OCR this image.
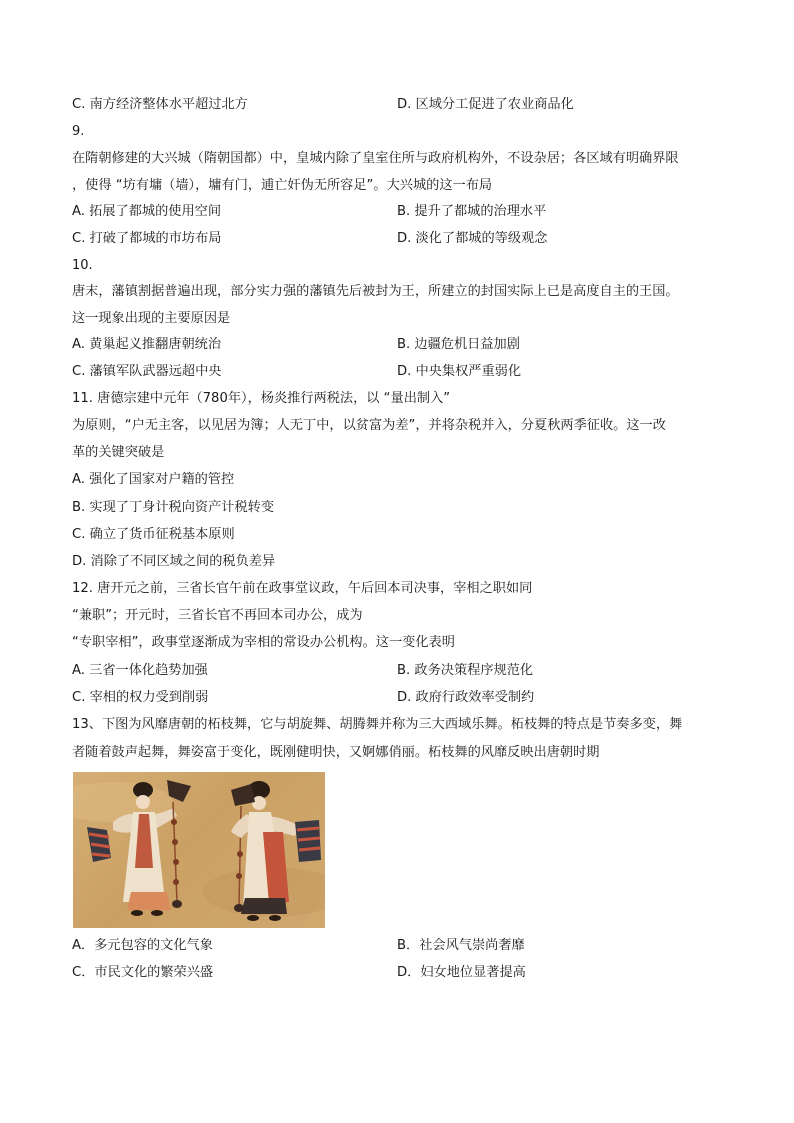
C. 南方经济整体水平超过北方	D. 区域分工促进了农业商品化
9.
在隋朝修建的大兴城（隋朝国都）中，皇城内除了皇室住所与政府机构外，不设杂居；各区域有明确界限
，使得 “坊有墉（墙），墉有门，逋亡奸伪无所容足”。大兴城的这一布局
A. 拓展了都城的使用空间	B. 提升了都城的治理水平
C. 打破了都城的市坊布局	D. 淡化了都城的等级观念
10.
唐末，藩镇割据普遍出现，部分实力强的藩镇先后被封为王，所建立的封国实际上已是高度自主的王国。
这一现象出现的主要原因是
A. 黄巢起义推翻唐朝统治	B. 边疆危机日益加剧
C. 藩镇军队武器远超中央	D. 中央集权严重弱化
11. 唐德宗建中元年（780年），杨炎推行两税法，以 “量出制入”
为原则，“户无主客，以见居为簿；人无丁中，以贫富为差”，并将杂税并入，分夏秋两季征收。这一改
革的关键突破是
A. 强化了国家对户籍的管控
B. 实现了丁身计税向资产计税转变
C. 确立了货币征税基本原则
D. 消除了不同区域之间的税负差异
12. 唐开元之前，三省长官午前在政事堂议政，午后回本司决事，宰相之职如同
“兼职”；开元时，三省长官不再回本司办公，成为
“专职宰相”，政事堂逐渐成为宰相的常设办公机构。这一变化表明
A. 三省一体化趋势加强	B. 政务决策程序规范化
C. 宰相的权力受到削弱	D. 政府行政效率受制约
13、下图为风靡唐朝的柘枝舞，它与胡旋舞、胡腾舞并称为三大西域乐舞。柘枝舞的特点是节奏多变，舞
者随着鼓声起舞，舞姿富于变化，既刚健明快，又婀娜俏丽。柘枝舞的风靡反映出唐朝时期
A．多元包容的文化气象	B．社会风气崇尚奢靡
C．市民文化的繁荣兴盛	D．妇女地位显著提高
